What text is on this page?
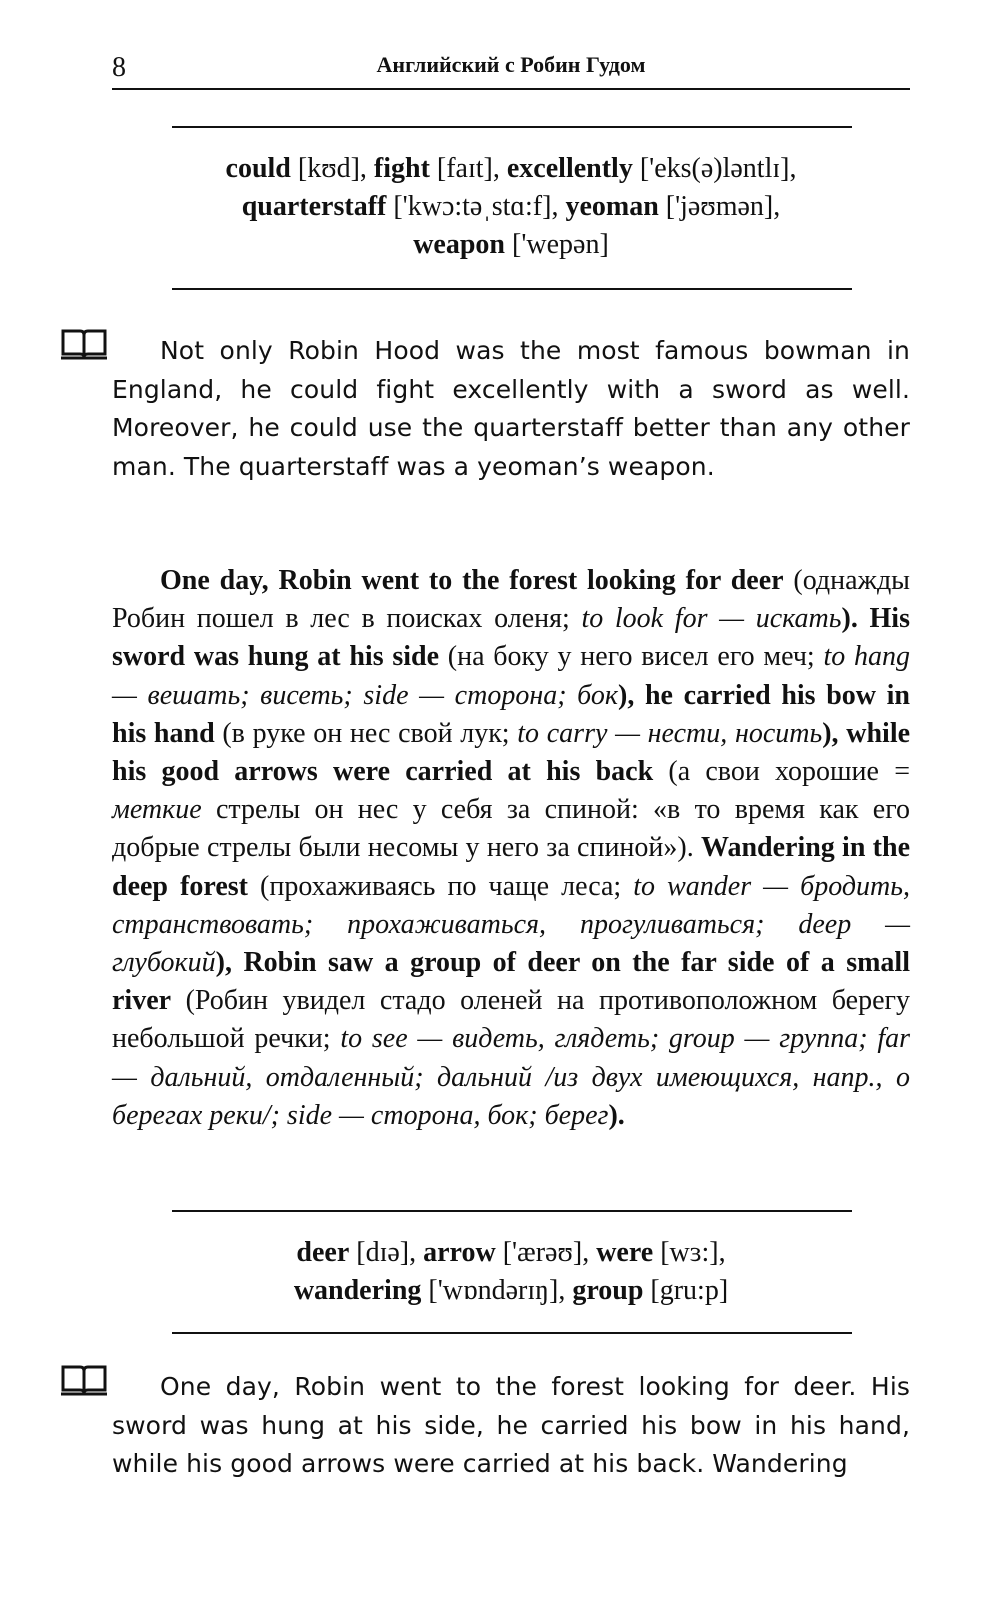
8	Английский с Робин Гудом
could [kʊd], fight [faɪt], excellently ['eks(ə)ləntlɪ],
quarterstaff ['kwɔ:təˌstɑ:f], yeoman ['jəʊmən],
weapon ['wepən]
Not only Robin Hood was the most famous bowman in England, he could fight excellently with a sword as well. Moreover, he could use the quarterstaff better than any other man. The quarterstaff was a yeoman’s weapon.
One day, Robin went to the forest looking for deer (однажды Робин пошел в лес в поисках оленя; to look for — искать). His sword was hung at his side (на боку у него висел его меч; to hang — вешать; висеть; side — сторона; бок), he carried his bow in his hand (в руке он нес свой лук; to carry — нести, носить), while his good arrows were carried at his back (а свои хорошие = меткие стрелы он нес у себя за спиной: «в то время как его добрые стрелы были несомы у него за спиной»). Wandering in the deep forest (прохаживаясь по чаще леса; to wander — бродить, странствовать; прохаживаться, прогуливаться; deep — глубокий), Robin saw a group of deer on the far side of a small river (Робин увидел стадо оленей на противоположном берегу небольшой речки; to see — видеть, глядеть; group — группа; far — дальний, отдаленный; дальний /из двух имеющихся, напр., о берегах реки/; side — сторона, бок; берег).
deer [dɪə], arrow ['ærəʊ], were [wɜ:],
wandering ['wɒndərɪŋ], group [gru:p]
One day, Robin went to the forest looking for deer. His sword was hung at his side, he carried his bow in his hand, while his good arrows were carried at his back. Wandering
